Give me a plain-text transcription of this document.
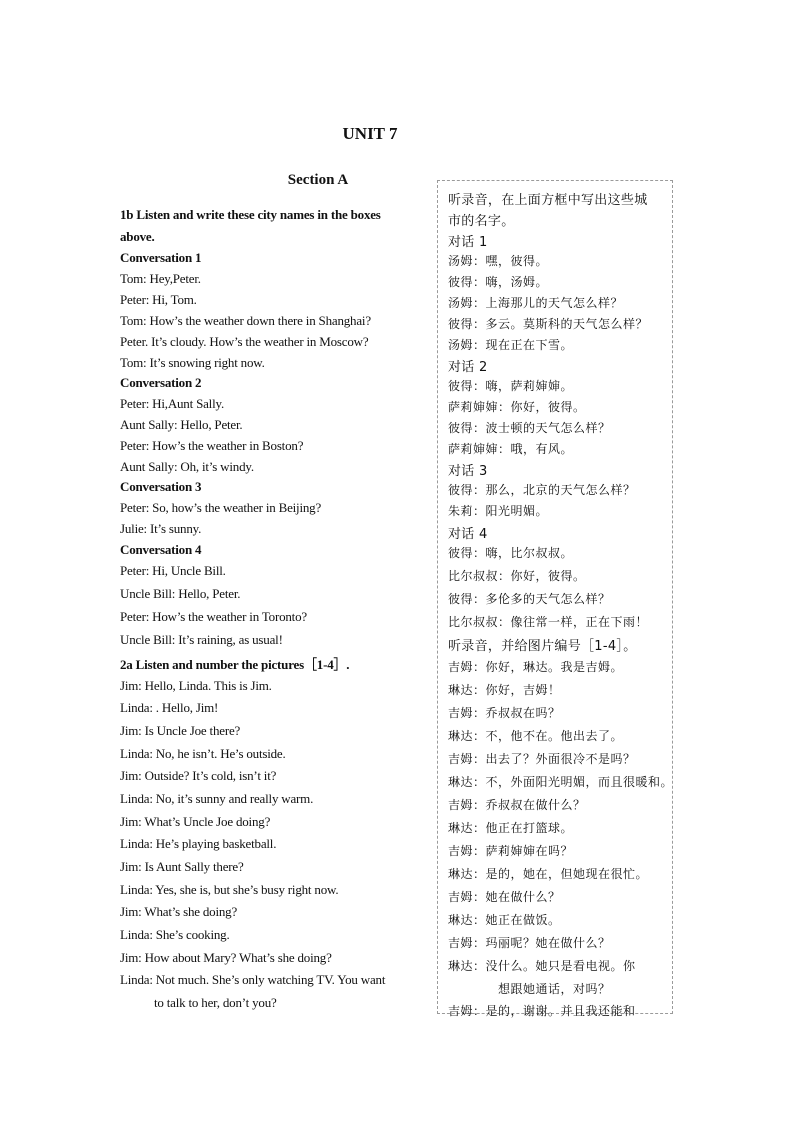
UNIT 7
Section A
1b Listen and write these city names in the boxes
above.
Conversation 1
Tom: Hey,Peter.
Peter: Hi, Tom.
Tom: How’s the weather down there in Shanghai?
Peter. It’s cloudy. How’s the weather in Moscow?
Tom: It’s snowing right now.
Conversation 2
Peter: Hi,Aunt Sally.
Aunt Sally: Hello, Peter.
Peter: How’s the weather in Boston?
Aunt Sally: Oh, it’s windy.
Conversation 3
Peter: So, how’s the weather in Beijing?
Julie: It’s sunny.
Conversation 4
Peter: Hi, Uncle Bill.
Uncle Bill: Hello, Peter.
Peter: How’s the weather in Toronto?
Uncle Bill: It’s raining, as usual!
2a Listen and number the pictures［1-4］.
Jim: Hello, Linda. This is Jim.
Linda: . Hello, Jim!
Jim: Is Uncle Joe there?
Linda: No, he isn’t. He’s outside.
Jim: Outside? It’s cold, isn’t it?
Linda: No, it’s sunny and really warm.
Jim: What’s Uncle Joe doing?
Linda: He’s playing basketball.
Jim: Is Aunt Sally there?
Linda: Yes, she is, but she’s busy right now.
Jim: What’s she doing?
Linda: She’s cooking.
Jim: How about Mary? What’s she doing?
Linda: Not much. She’s only watching TV. You want
to talk to her, don’t you?
听录音，在上面方框中写出这些城
市的名字。
对话 1
汤姆：嘿，彼得。
彼得：嗨，汤姆。
汤姆：上海那儿的天气怎么样？
彼得：多云。莫斯科的天气怎么样？
汤姆：现在正在下雪。
对话 2
彼得：嗨，萨莉婶婶。
萨莉婶婶：你好，彼得。
彼得：波士顿的天气怎么样？
萨莉婶婶：哦，有风。
对话 3
彼得：那么，北京的天气怎么样？
朱莉：阳光明媚。
对话 4
彼得：嗨，比尔叔叔。
比尔叔叔：你好，彼得。
彼得：多伦多的天气怎么样？
比尔叔叔：像往常一样，正在下雨！
听录音，并给图片编号［1-4］。
吉姆：你好，琳达。我是吉姆。
琳达：你好，吉姆！
吉姆：乔叔叔在吗？
琳达：不，他不在。他出去了。
吉姆：出去了？外面很冷不是吗？
琳达：不，外面阳光明媚，而且很暖和。
吉姆：乔叔叔在做什么？
琳达：他正在打篮球。
吉姆：萨莉婶婶在吗？
琳达：是的，她在，但她现在很忙。
吉姆：她在做什么？
琳达：她正在做饭。
吉姆：玛丽呢？她在做什么？
琳达：没什么。她只是看电视。你
想跟她通话，对吗？
吉姆：是的，谢谢。并且我还能和
